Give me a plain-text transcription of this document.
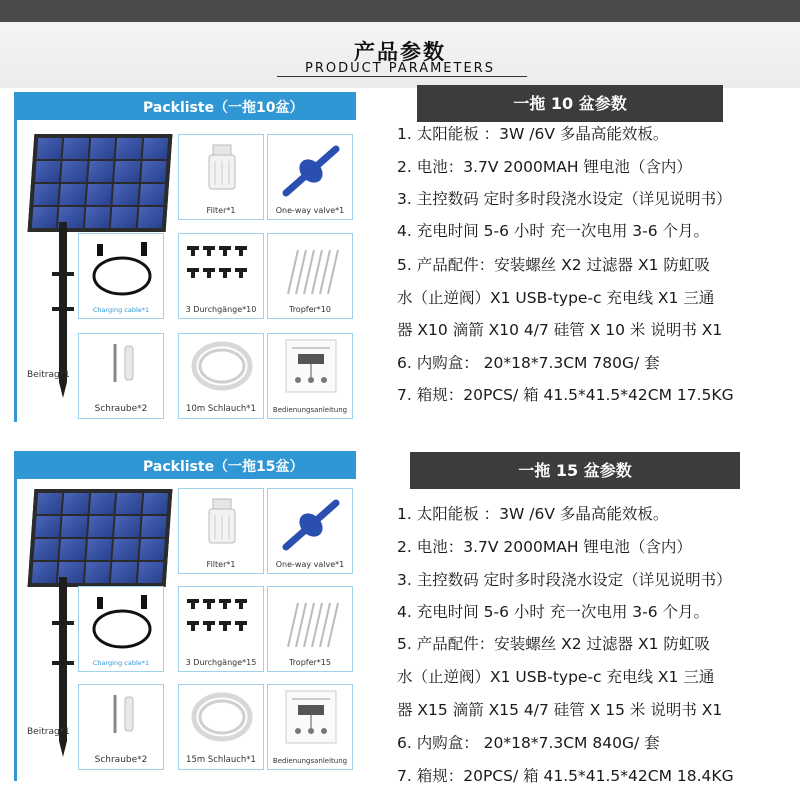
产品参数
PRODUCT PARAMETERS
Packliste（一拖10盆）
Beitrag*1
Filter*1	One-way valve*1
Charging cable*1	3 Durchgänge*10	Tropfer*10
Schraube*2	10m Schlauch*1	Bedienungsanleitung
一拖 10 盆参数
1. 太阳能板 ：3W /6V 多晶高能效板。
2. 电池：3.7V 2000MAH 锂电池（含内）
3. 主控数码 定时多时段浇水设定（详见说明书）
4. 充电时间 5-6 小时 充一次电用 3-6 个月。
5. 产品配件：安装螺丝 X2 过滤器 X1 防虹吸
水（止逆阀）X1 USB-type-c 充电线 X1 三通
器 X10 滴箭 X10 4/7 硅管 X 10 米 说明书 X1
6. 内购盒： 20*18*7.3CM 780G/ 套
7. 箱规：20PCS/ 箱 41.5*41.5*42CM 17.5KG
Packliste（一拖15盆）
Beitrag*1
Filter*1	One-way valve*1
Charging cable*1	3 Durchgänge*15	Tropfer*15
Schraube*2	15m Schlauch*1	Bedienungsanleitung
一拖 15 盆参数
1. 太阳能板 ：3W /6V 多晶高能效板。
2. 电池：3.7V 2000MAH 锂电池（含内）
3. 主控数码 定时多时段浇水设定（详见说明书）
4. 充电时间 5-6 小时 充一次电用 3-6 个月。
5. 产品配件：安装螺丝 X2 过滤器 X1 防虹吸
水（止逆阀）X1 USB-type-c 充电线 X1 三通
器 X15 滴箭 X15 4/7 硅管 X 15 米 说明书 X1
6. 内购盒： 20*18*7.3CM 840G/ 套
7. 箱规：20PCS/ 箱 41.5*41.5*42CM 18.4KG
